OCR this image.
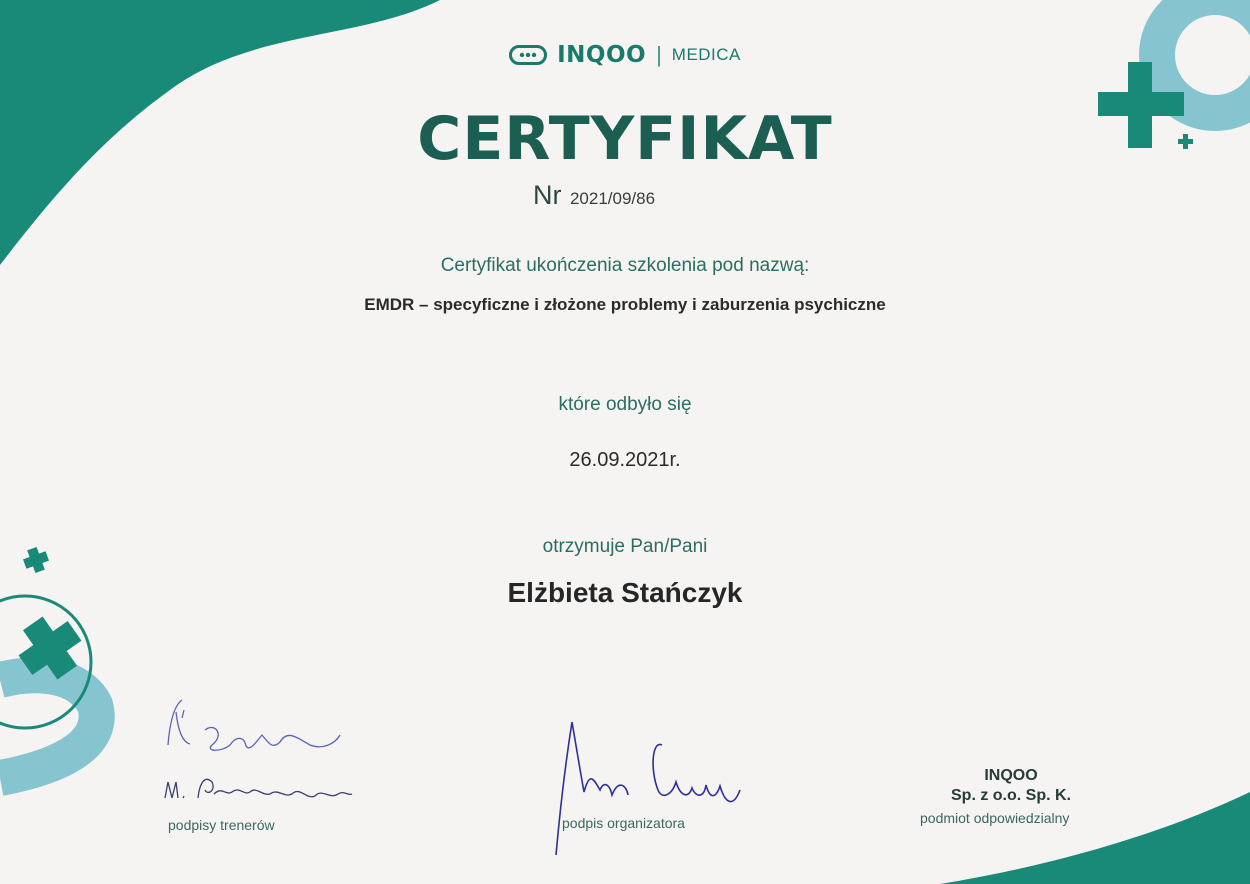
INQOO | MEDICA
CERTYFIKAT
Nr 2021/09/86
Certyfikat ukończenia szkolenia pod nazwą:
EMDR – specyficzne i złożone problemy i zaburzenia psychiczne
które odbyło się
26.09.2021r.
otrzymuje Pan/Pani
Elżbieta Stańczyk
podpisy trenerów	podpis organizatora
INQOO
Sp. z o.o. Sp. K.
podmiot odpowiedzialny
